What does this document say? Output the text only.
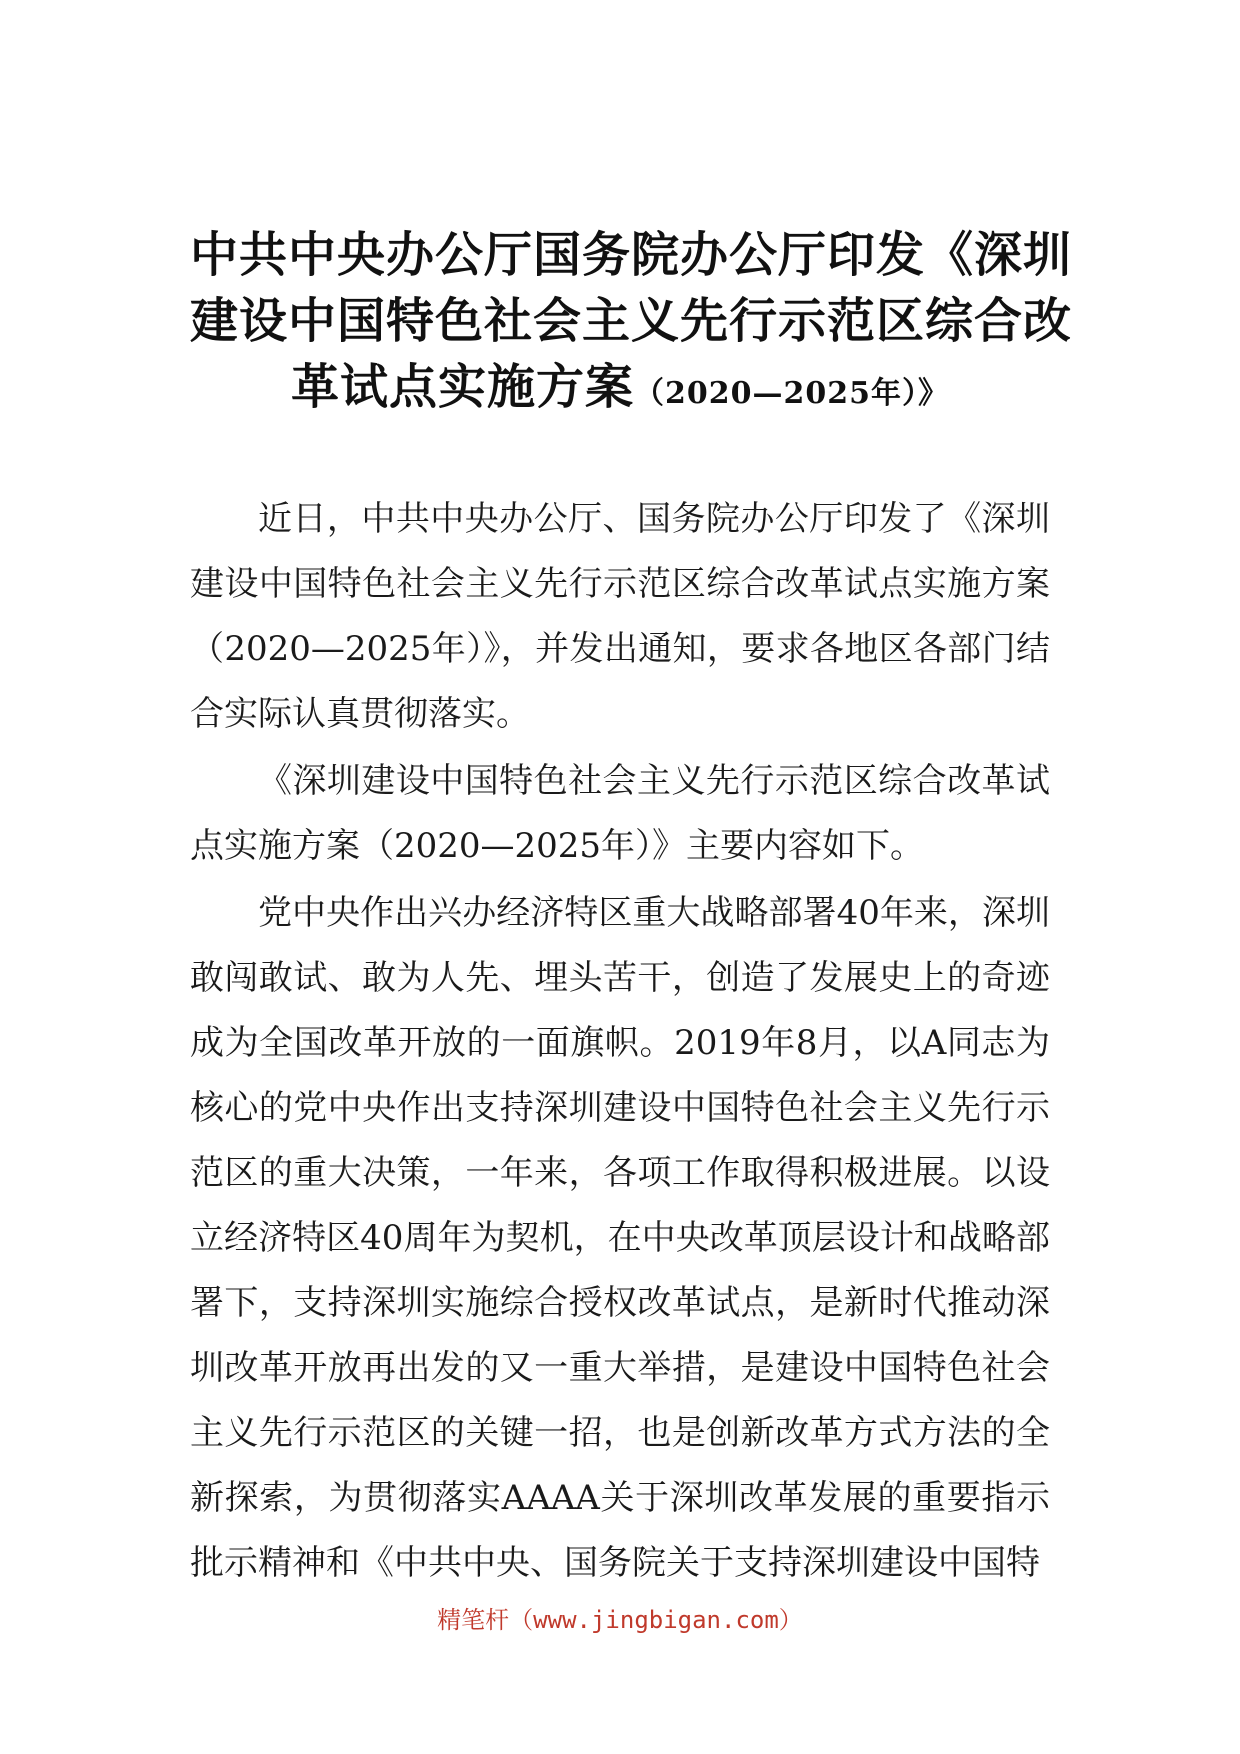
中共中央办公厅国务院办公厅印发《深圳
建设中国特色社会主义先行示范区综合改
革试点实施方案（2020—2025年）》

近日，中共中央办公厅、国务院办公厅印发了《深圳建设中国特色社会主义先行示范区综合改革试点实施方案（2020—2025年）》，并发出通知，要求各地区各部门结合实际认真贯彻落实。

《深圳建设中国特色社会主义先行示范区综合改革试点实施方案（2020—2025年）》主要内容如下。

党中央作出兴办经济特区重大战略部署40年来，深圳敢闯敢试、敢为人先、埋头苦干，创造了发展史上的奇迹成为全国改革开放的一面旗帜。2019年8月，以A同志为核心的党中央作出支持深圳建设中国特色社会主义先行示范区的重大决策，一年来，各项工作取得积极进展。以设立经济特区40周年为契机，在中央改革顶层设计和战略部署下，支持深圳实施综合授权改革试点，是新时代推动深圳改革开放再出发的又一重大举措，是建设中国特色社会主义先行示范区的关键一招，也是创新改革方式方法的全新探索，为贯彻落实AAAA关于深圳改革发展的重要指示批示精神和《中共中央、国务院关于支持深圳建设中国特

精笔杆（www.jingbigan.com）
